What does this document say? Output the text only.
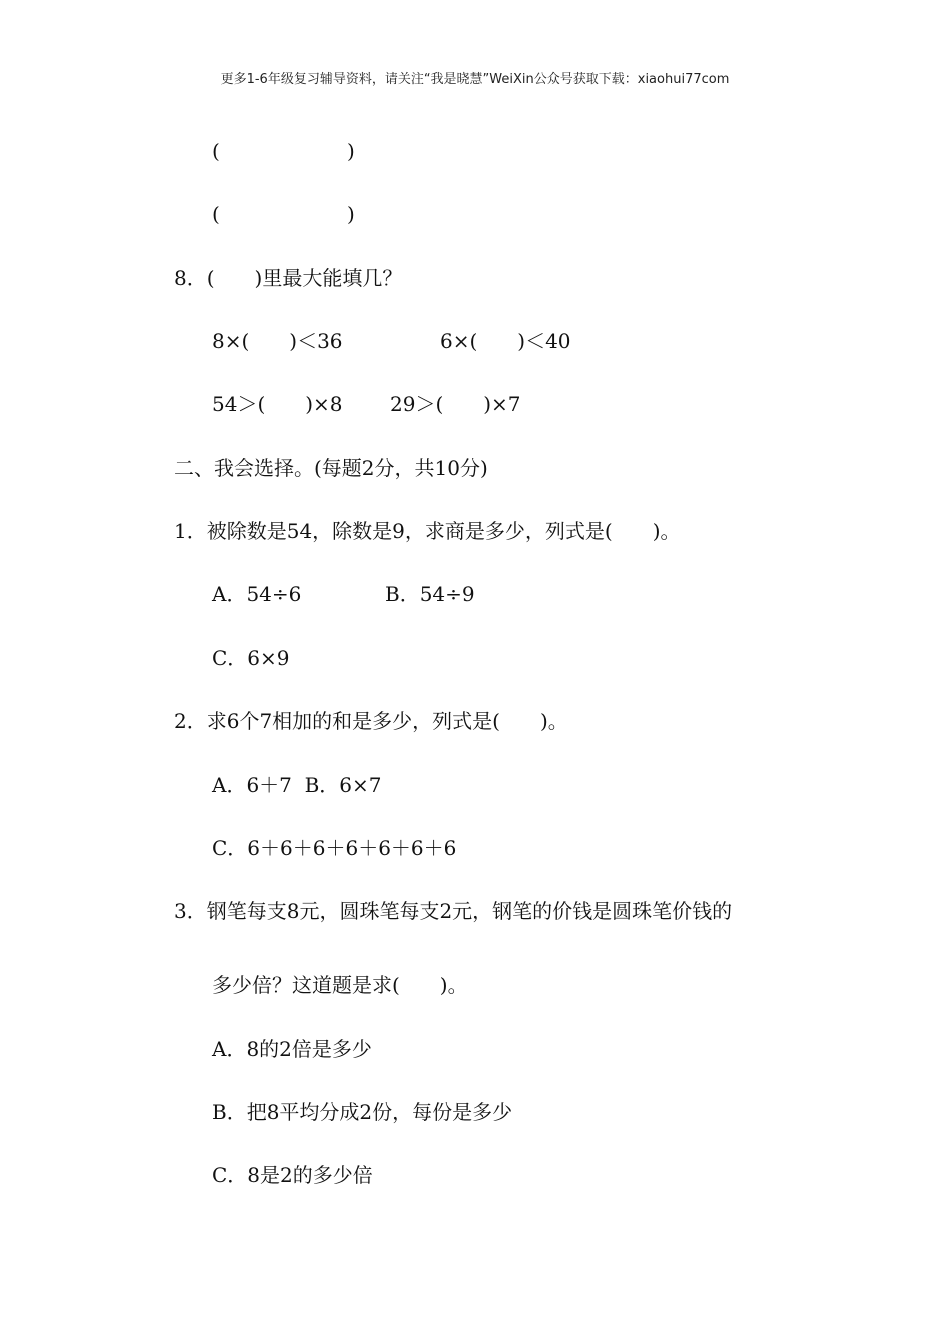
更多1-6年级复习辅导资料，请关注“我是晓慧”WeiXin公众号获取下载：xiaohui77com
(                    )
(                    )
8．(　　)里最大能填几？
8×(　　)＜36	6×(　　)＜40
54＞(　　)×8 29＞(　　)×7
二、我会选择。(每题2分，共10分)
1．被除数是54，除数是9，求商是多少，列式是(　　)。
A．54÷6	B．54÷9
C．6×9
2．求6个7相加的和是多少，列式是(　　)。
A．6＋7  B．6×7
C．6＋6＋6＋6＋6＋6＋6
3．钢笔每支8元，圆珠笔每支2元，钢笔的价钱是圆珠笔价钱的
多少倍？这道题是求(　　)。
A．8的2倍是多少
B．把8平均分成2份，每份是多少
C．8是2的多少倍
